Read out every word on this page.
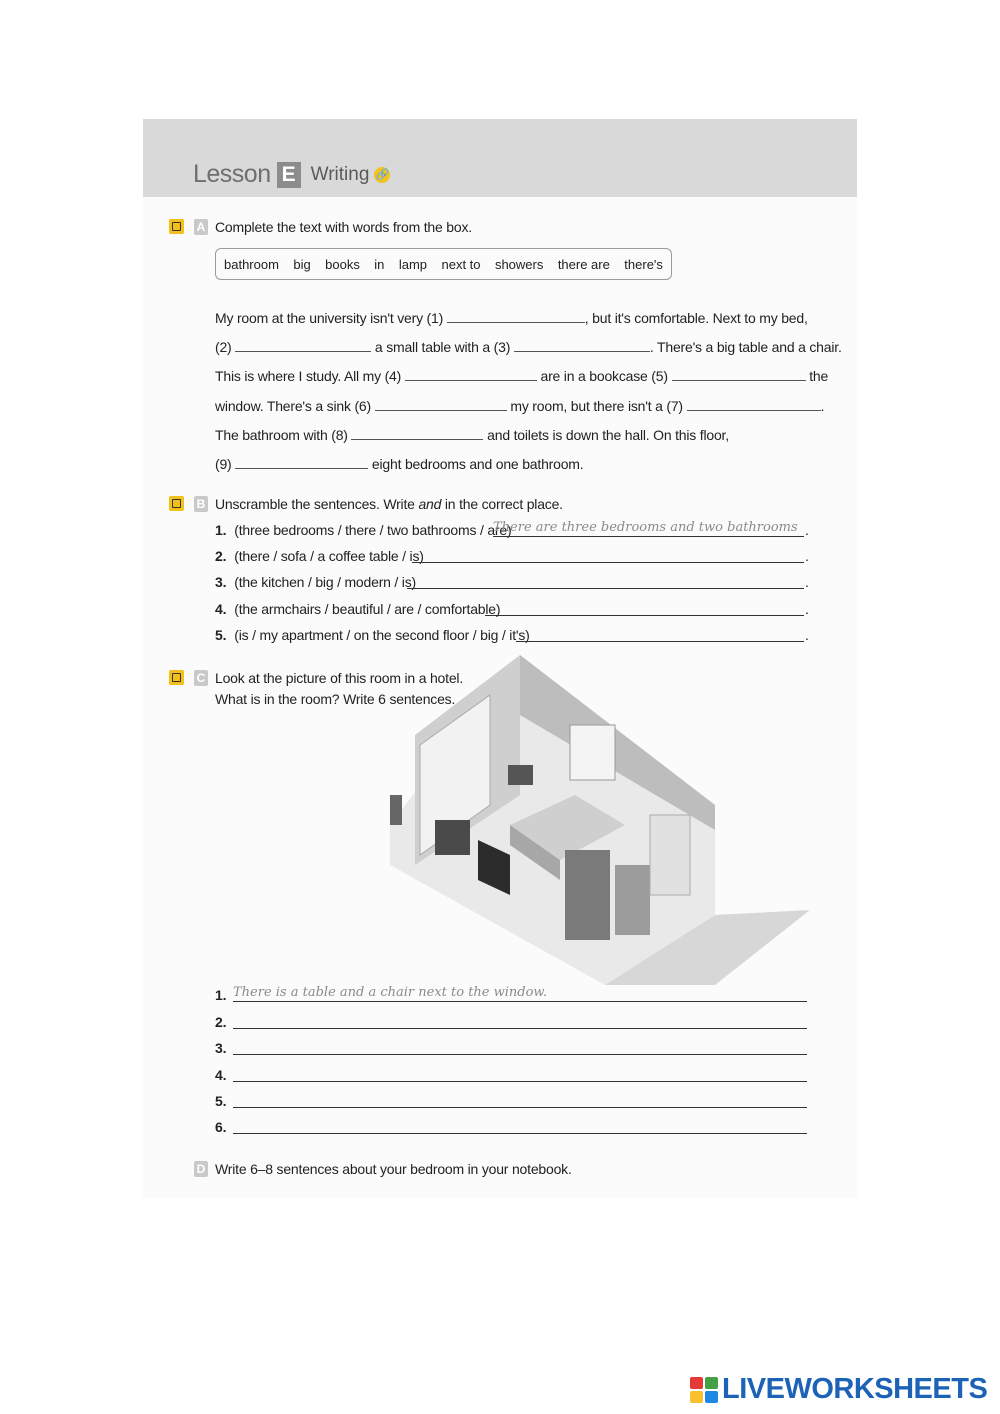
Lesson E Writing 🔗
A Complete the text with words from the box.
bathroom big books in lamp next to showers there are there's
My room at the university isn't very (1)	, but it's comfortable. Next to my bed,
(2)	a small table with a (3)	. There's a big table and a chair.
This is where I study. All my (4)	are in a bookcase (5)	the
window. There's a sink (6)	my room, but there isn't a (7)	.
The bathroom with (8)	and toilets is down the hall. On this floor,
(9)	eight bedrooms and one bathroom.
B Unscramble the sentences. Write and in the correct place.
1. (three bedrooms / there / two bathrooms / are)
There are three bedrooms and two bathrooms .
2. (there / sofa / a coffee table / is)	.
3. (the kitchen / big / modern / is)	.
4. (the armchairs / beautiful / are / comfortable)	.
5. (is / my apartment / on the second floor / big / it's)	.
C Look at the picture of this room in a hotel.
What is in the room? Write 6 sentences.
1. There is a table and a chair next to the window.
2.
3.
4.
5.
6.
D Write 6–8 sentences about your bedroom in your notebook.
LIVEWORKSHEETS
